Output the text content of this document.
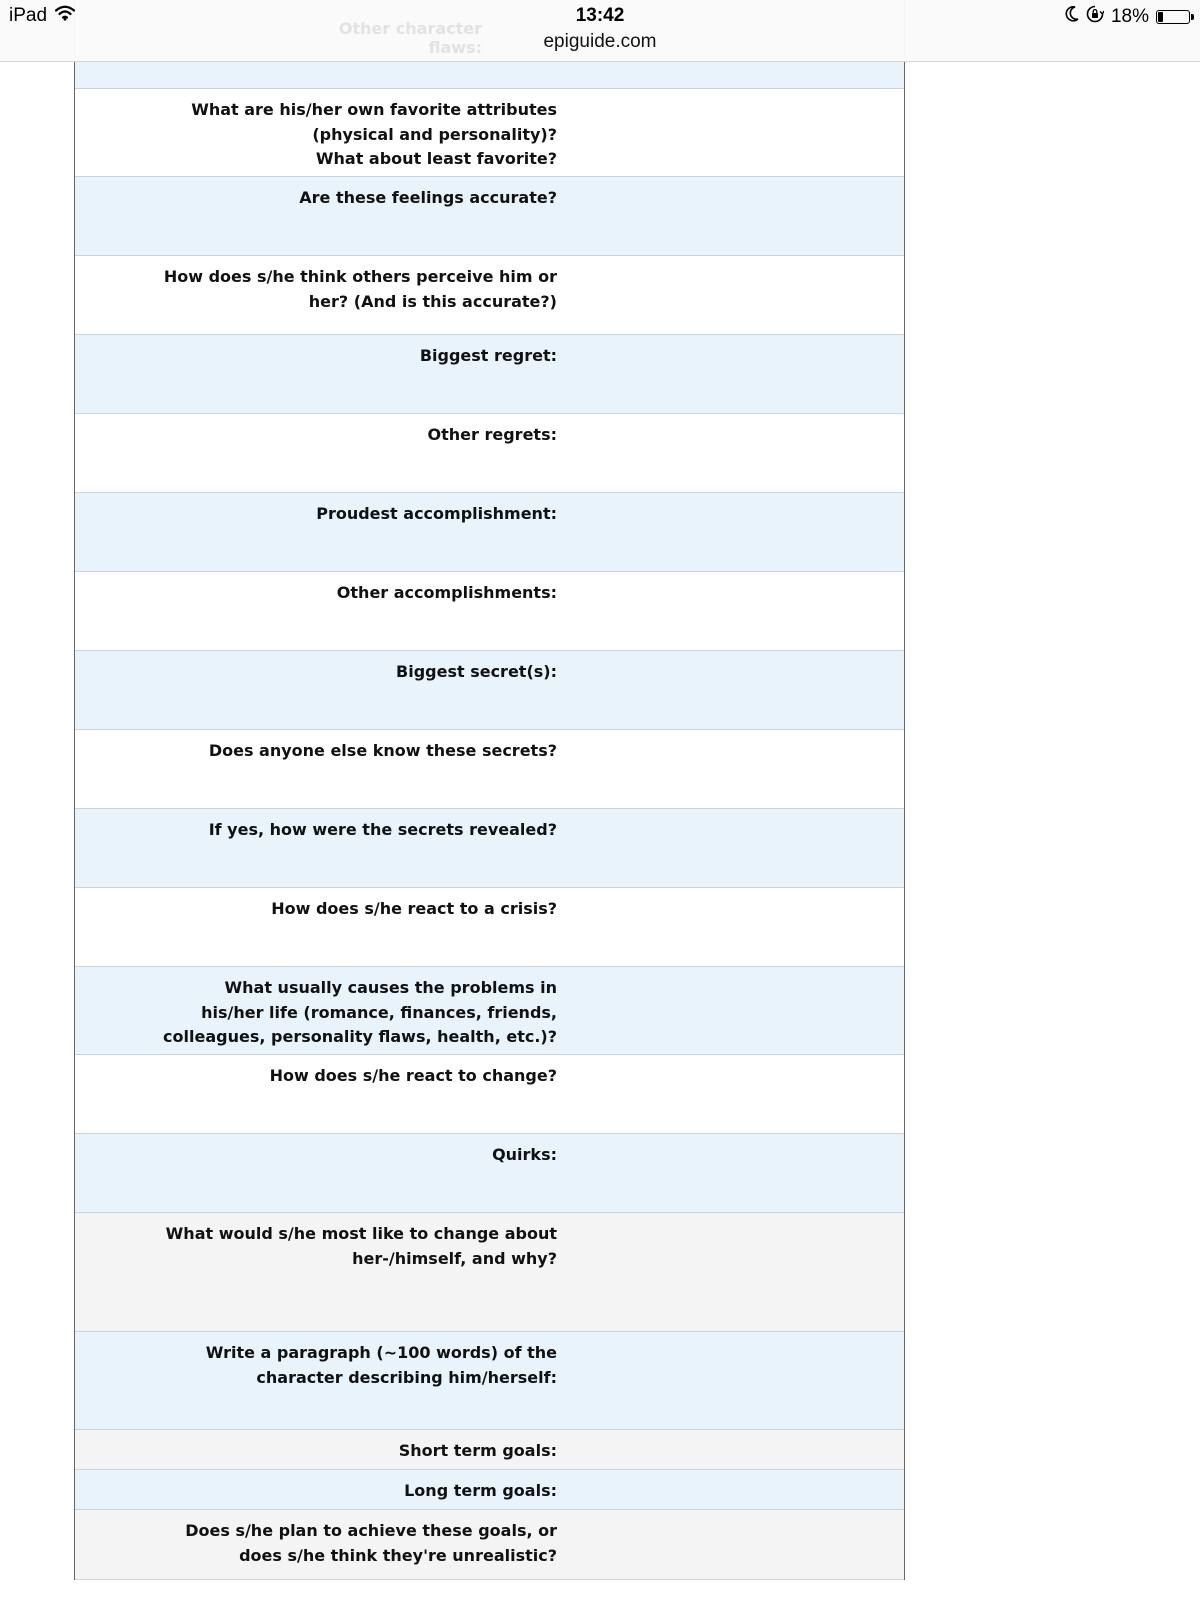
What are his/her own favorite attributes
(physical and personality)?
What about least favorite?
Are these feelings accurate?
How does s/he think others perceive him or
her? (And is this accurate?)
Biggest regret:
Other regrets:
Proudest accomplishment:
Other accomplishments:
Biggest secret(s):
Does anyone else know these secrets?
If yes, how were the secrets revealed?
How does s/he react to a crisis?
What usually causes the problems in
his/her life (romance, finances, friends,
colleagues, personality flaws, health, etc.)?
How does s/he react to change?
Quirks:
What would s/he most like to change about
her-/himself, and why?
Write a paragraph (~100 words) of the
character describing him/herself:
Short term goals:
Long term goals:
Does s/he plan to achieve these goals, or
does s/he think they're unrealistic?
Other character flaws:
iPad	13:42
epiguide.com
18%
